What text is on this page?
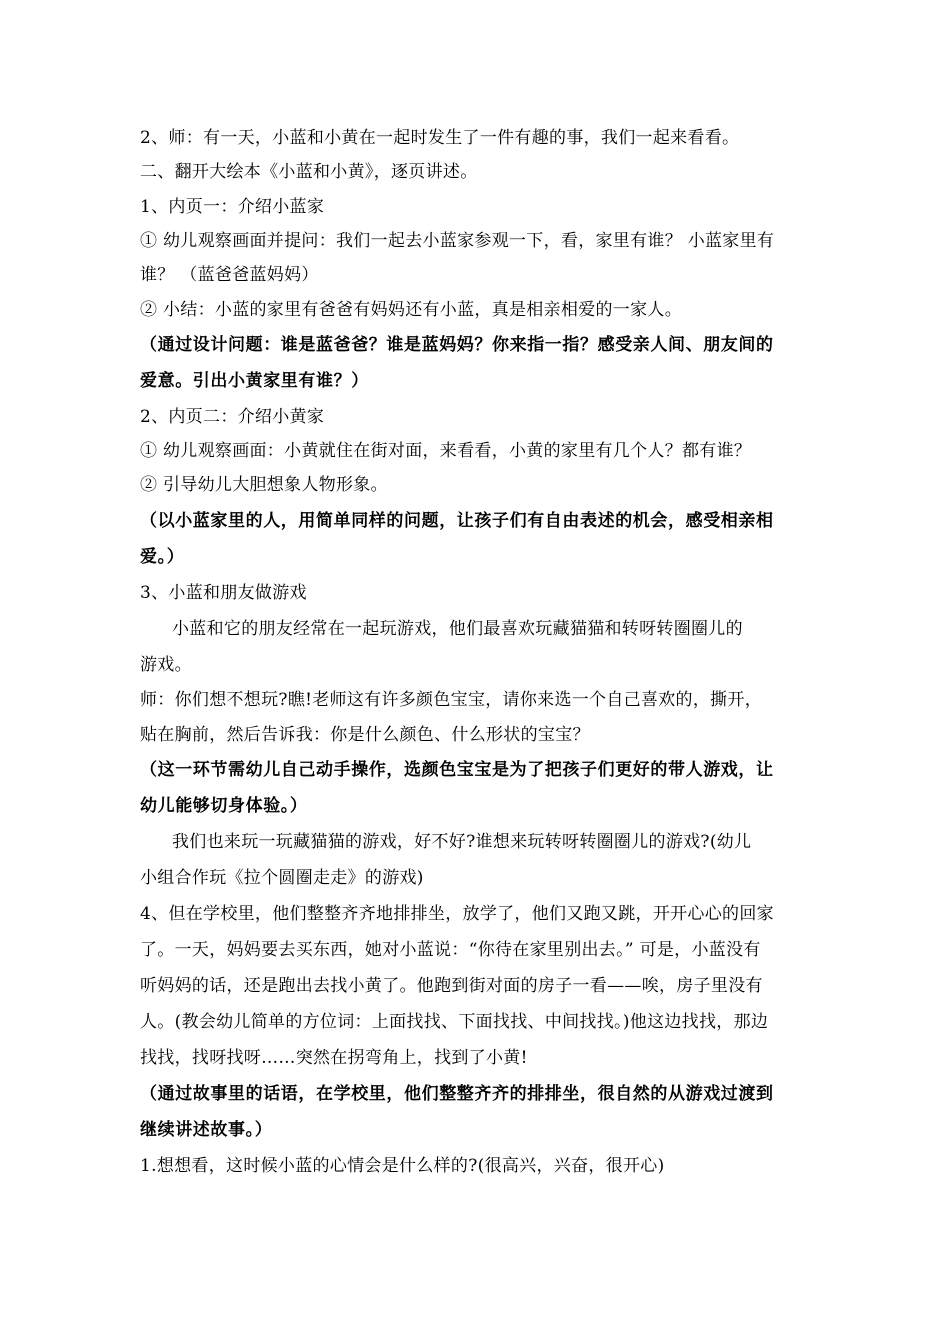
2、师：有一天，小蓝和小黄在一起时发生了一件有趣的事，我们一起来看看。
二、翻开大绘本《小蓝和小黄》，逐页讲述。
1、内页一：介绍小蓝家
① 幼儿观察画面并提问：我们一起去小蓝家参观一下，看，家里有谁？ 小蓝家里有
谁？ （蓝爸爸蓝妈妈）
② 小结：小蓝的家里有爸爸有妈妈还有小蓝，真是相亲相爱的一家人。
（通过设计问题：谁是蓝爸爸？谁是蓝妈妈？你来指一指？感受亲人间、朋友间的
爱意。引出小黄家里有谁？）
2、内页二：介绍小黄家
① 幼儿观察画面：小黄就住在街对面，来看看，小黄的家里有几个人？都有谁？
② 引导幼儿大胆想象人物形象。
（以小蓝家里的人，用简单同样的问题，让孩子们有自由表述的机会，感受相亲相
爱。）
3、小蓝和朋友做游戏
小蓝和它的朋友经常在一起玩游戏，他们最喜欢玩藏猫猫和转呀转圈圈儿的
游戏。
师：你们想不想玩?瞧!老师这有许多颜色宝宝，请你来选一个自己喜欢的，撕开，
贴在胸前，然后告诉我：你是什么颜色、什么形状的宝宝？
（这一环节需幼儿自己动手操作，选颜色宝宝是为了把孩子们更好的带人游戏，让
幼儿能够切身体验。）
我们也来玩一玩藏猫猫的游戏，好不好?谁想来玩转呀转圈圈儿的游戏?(幼儿
小组合作玩《拉个圆圈走走》的游戏)
4、但在学校里，他们整整齐齐地排排坐，放学了，他们又跑又跳，开开心心的回家
了。一天，妈妈要去买东西，她对小蓝说：“你待在家里别出去。” 可是，小蓝没有
听妈妈的话，还是跑出去找小黄了。他跑到街对面的房子一看——唉，房子里没有
人。(教会幼儿简单的方位词：上面找找、下面找找、中间找找。)他这边找找，那边
找找，找呀找呀……突然在拐弯角上，找到了小黄!
（通过故事里的话语，在学校里，他们整整齐齐的排排坐，很自然的从游戏过渡到
继续讲述故事。）
1.想想看，这时候小蓝的心情会是什么样的?(很高兴，兴奋，很开心)
